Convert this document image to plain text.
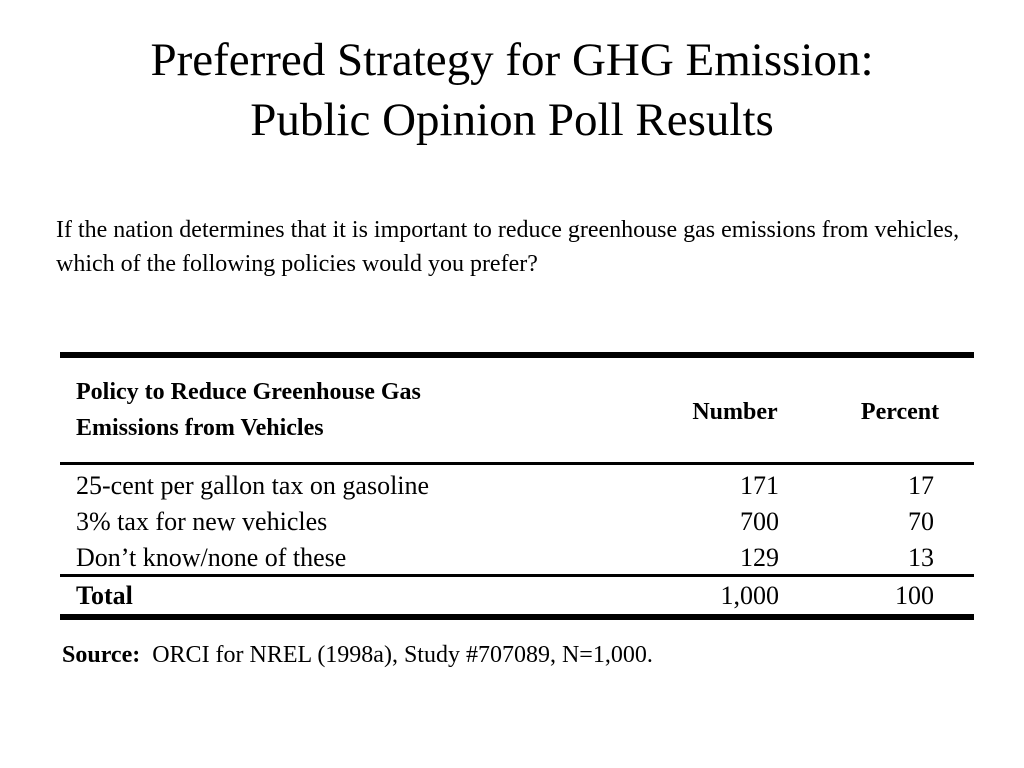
Preferred Strategy for GHG Emission:
Public Opinion Poll Results
If the nation determines that it is important to reduce greenhouse gas emissions from vehicles, which of the following policies would you prefer?
Policy to Reduce Greenhouse Gas
Emissions from Vehicles
Number	Percent
25-cent per gallon tax on gasoline	171	17
3% tax for new vehicles	700	70
Don’t know/none of these	129	13
Total	1,000	100
Source: ORCI for NREL (1998a), Study #707089, N=1,000.
